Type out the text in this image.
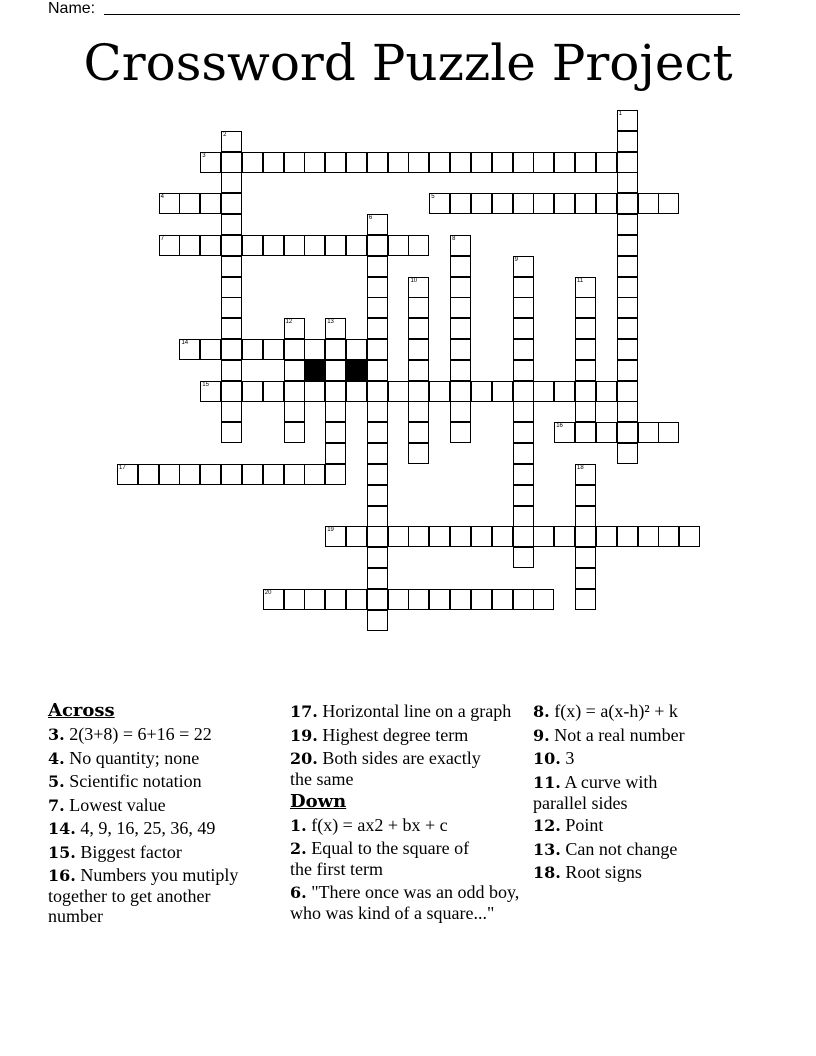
Name:
Crossword Puzzle Project
1
2
3
4	5
6
7	8
9
10	11
12	13
14
15
16
17	18
19
20
Across
3. 2(3+8) = 6+16 = 22
4. No quantity; none
5. Scientific notation
7. Lowest value
14. 4, 9, 16, 25, 36, 49
15. Biggest factor
16. Numbers you mutiply together to get another number
17. Horizontal line on a graph
19. Highest degree term
20. Both sides are exactly the same
Down
1. f(x) = ax2 + bx + c
2. Equal to the square of the first term
6. "There once was an odd boy, who was kind of a square..."
8. f(x) = a(x-h)² + k
9. Not a real number
10. 3
11. A curve with parallel sides
12. Point
13. Can not change
18. Root signs
